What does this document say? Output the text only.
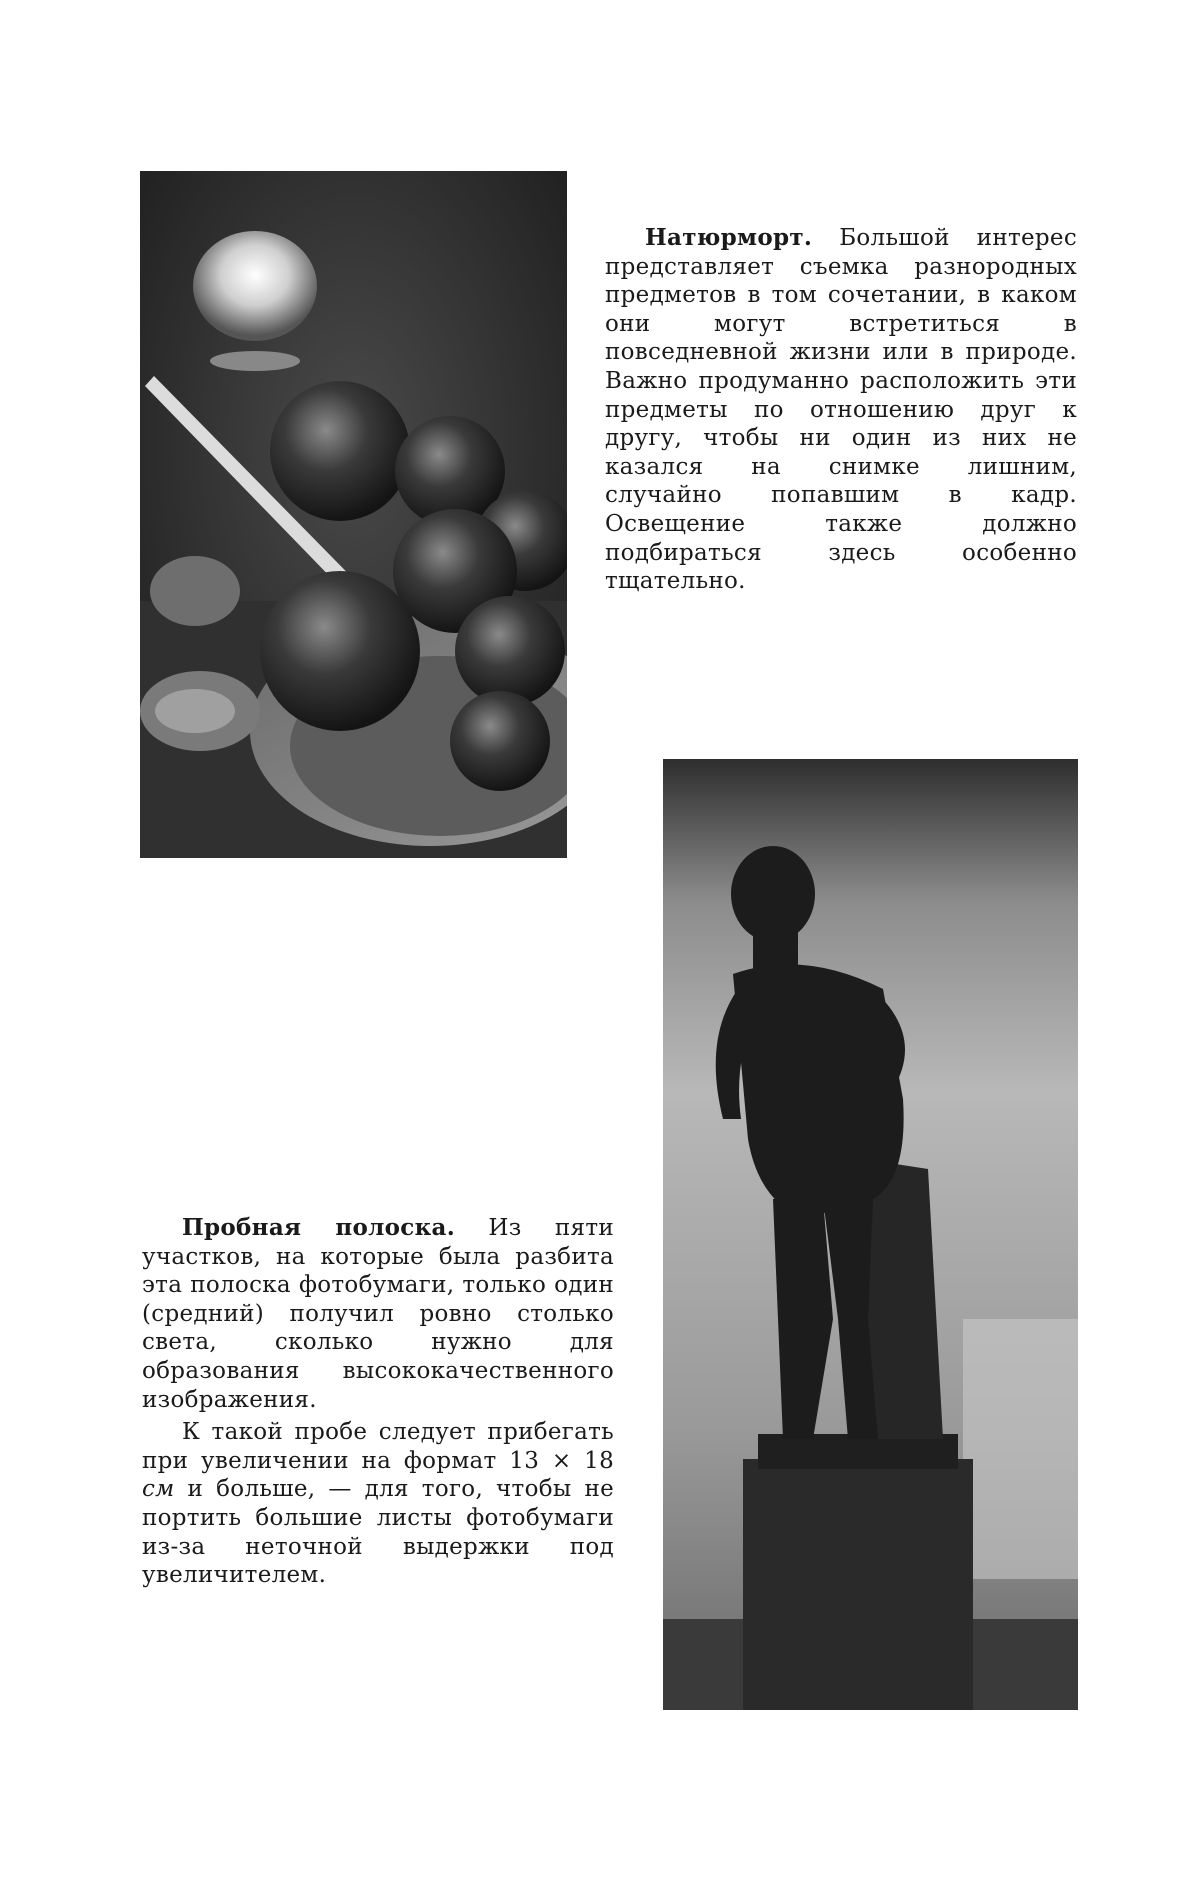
Натюрморт. Большой интерес представляет съемка разнородных предметов в том сочетании, в каком они могут встретиться в повседневной жизни или в природе. Важно продуманно расположить эти предметы по отношению друг к другу, чтобы ни один из них не казался на снимке лишним, случайно попавшим в кадр. Освещение также должно подбираться здесь особенно тщательно.

Пробная полоска. Из пяти участков, на которые была разбита эта полоска фотобумаги, только один (средний) получил ровно столько света, сколько нужно для образования высококачественного изображения.

К такой пробе следует прибегать при увеличении на формат 13 × 18 см и больше, — для того, чтобы не портить большие листы фотобумаги из-за неточной выдержки под увеличителем.
